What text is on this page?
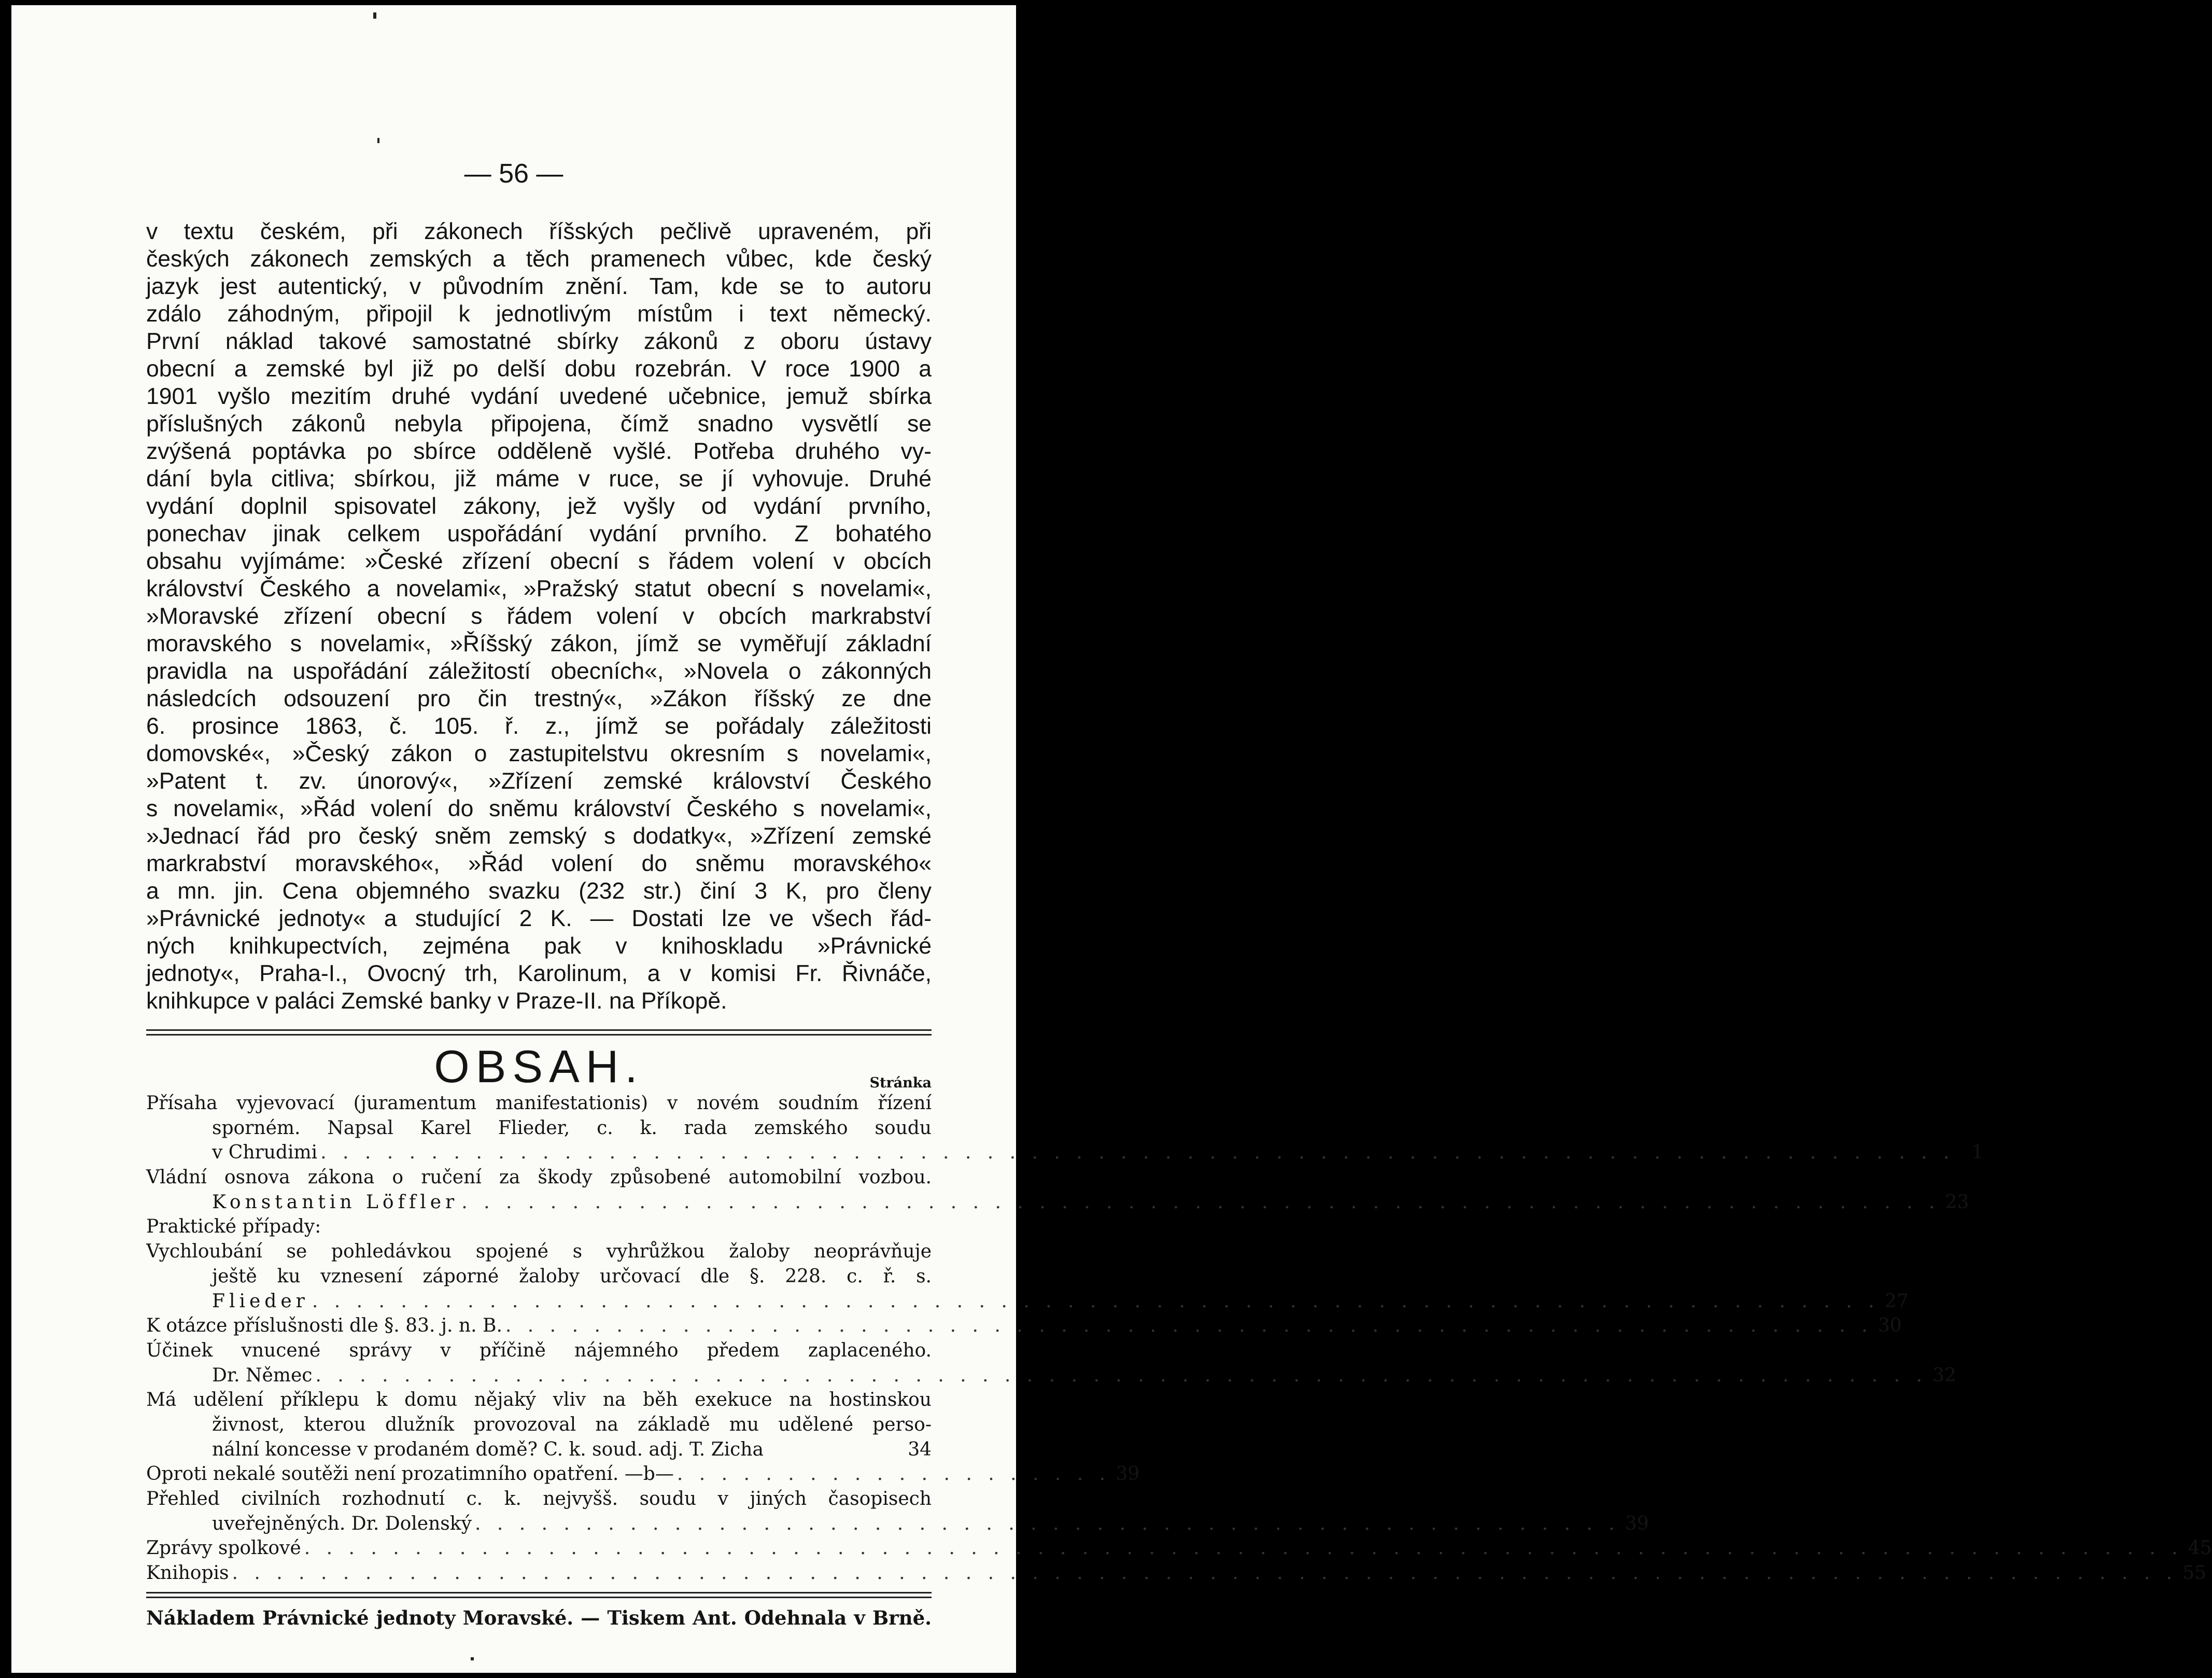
— 56 —
v textu českém, při zákonech říšských pečlivě upraveném, při
českých zákonech zemských a těch pramenech vůbec, kde český
jazyk jest autentický, v původním znění. Tam, kde se to autoru
zdálo záhodným, připojil k jednotlivým místům i text německý.
První náklad takové samostatné sbírky zákonů z oboru ústavy
obecní a zemské byl již po delší dobu rozebrán. V roce 1900 a
1901 vyšlo mezitím druhé vydání uvedené učebnice, jemuž sbírka
příslušných zákonů nebyla připojena, čímž snadno vysvětlí se
zvýšená poptávka po sbírce odděleně vyšlé. Potřeba druhého vy-
dání byla citliva; sbírkou, již máme v ruce, se jí vyhovuje. Druhé
vydání doplnil spisovatel zákony, jež vyšly od vydání prvního,
ponechav jinak celkem uspořádání vydání prvního. Z bohatého
obsahu vyjímáme: »České zřízení obecní s řádem volení v obcích
království Českého a novelami«, »Pražský statut obecní s novelami«,
»Moravské zřízení obecní s řádem volení v obcích markrabství
moravského s novelami«, »Říšský zákon, jímž se vyměřují základní
pravidla na uspořádání záležitostí obecních«, »Novela o zákonných
následcích odsouzení pro čin trestný«, »Zákon říšský ze dne
6. prosince 1863, č. 105. ř. z., jímž se pořádaly záležitosti
domovské«, »Český zákon o zastupitelstvu okresním s novelami«,
»Patent t. zv. únorový«, »Zřízení zemské království Českého
s novelami«, »Řád volení do sněmu království Českého s novelami«,
»Jednací řád pro český sněm zemský s dodatky«, »Zřízení zemské
markrabství moravského«, »Řád volení do sněmu moravského«
a mn. jin. Cena objemného svazku (232 str.) činí 3 K, pro členy
»Právnické jednoty« a studující 2 K. — Dostati lze ve všech řád-
ných knihkupectvích, zejména pak v knihoskladu »Právnické
jednoty«, Praha-I., Ovocný trh, Karolinum, a v komisi Fr. Řivnáče,
knihkupce v paláci Zemské banky v Praze-II. na Příkopě.
OBSAH.	Stránka
Přísaha vyjevovací (juramentum manifestationis) v novém soudním řízení
sporném. Napsal Karel Flieder, c. k. rada zemského soudu
v Chrudimi . . . . . . . . . . . . . . . . . . . . . . . . . . . . . . . . . . . . . . . . . . . . . . . . . . . . . . . . . . . . . . . . . . . . . . . . . . 1
Vládní osnova zákona o ručení za škody způsobené automobilní vozbou.
Konstantin Löffler . . . . . . . . . . . . . . . . . . . . . . . . . . . . . . . . . . . . . . . . . . . . . . . . . . . . . . . . . . . . . . . . . . . 23
Praktické případy:
Vychloubání se pohledávkou spojené s vyhrůžkou žaloby neoprávňuje
ještě ku vznesení záporné žaloby určovací dle §. 228. c. ř. s.
Flieder . . . . . . . . . . . . . . . . . . . . . . . . . . . . . . . . . . . . . . . . . . . . . . . . . . . . . . . . . . . . . . . . . . . . . . . 27
K otázce příslušnosti dle §. 83. j. n. B. . . . . . . . . . . . . . . . . . . . . . . . . . . . . . . . . . . . . . . . . . . . . . . . . . . . . . . . . . . . . . . 30
Účinek vnucené správy v příčině nájemného předem zaplaceného.
Dr. Němec . . . . . . . . . . . . . . . . . . . . . . . . . . . . . . . . . . . . . . . . . . . . . . . . . . . . . . . . . . . . . . . . . . . . . . . . . 32
Má udělení příklepu k domu nějaký vliv na běh exekuce na hostinskou
živnost, kterou dlužník provozoval na základě mu udělené perso-
nální koncesse v prodaném domě? C. k. soud. adj. T. Zicha	34
Oproti nekalé soutěži není prozatimního opatření. —b— . . . . . . . . . . . . . . . . . . . . 39
Přehled civilních rozhodnutí c. k. nejvyšš. soudu v jiných časopisech
uveřejněných. Dr. Dolenský . . . . . . . . . . . . . . . . . . . . . . . . . . . . . . . . . . . . . . . . . . . . . . . . . . . . 39
Zprávy spolkové . . . . . . . . . . . . . . . . . . . . . . . . . . . . . . . . . . . . . . . . . . . . . . . . . . . . . . . . . . . . . . . . . . . . . . . . . . . . . . . . . . . . . 45
Knihopis . . . . . . . . . . . . . . . . . . . . . . . . . . . . . . . . . . . . . . . . . . . . . . . . . . . . . . . . . . . . . . . . . . . . . . . . . . . . . . . . . . . . . . . . 55
Nákladem Právnické jednoty Moravské. — Tiskem Ant. Odehnala v Brně.
